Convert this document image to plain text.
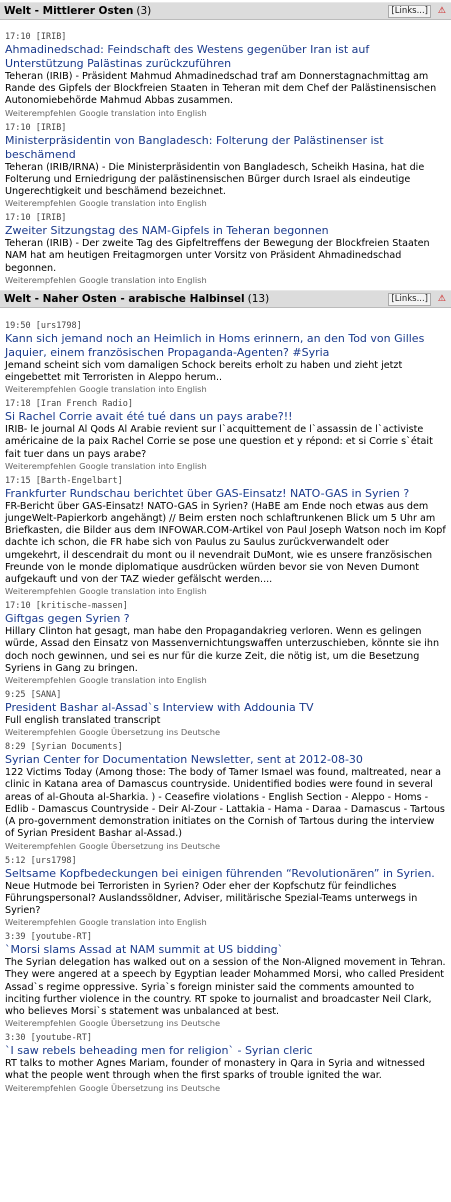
Welt - Mittlerer Osten (3)	[Links...]	⚠
17:10 [IRIB]
Ahmadinedschad: Feindschaft des Westens gegenüber Iran ist auf Unterstützung Palästinas zurückzuführen
Teheran (IRIB) - Präsident Mahmud Ahmadinedschad traf am Donnerstagnachmittag am Rande des Gipfels der Blockfreien Staaten in Teheran mit dem Chef der Palästinensischen Autonomiebehörde Mahmud Abbas zusammen.
Weiterempfehlen Google translation into English
17:10 [IRIB]
Ministerpräsidentin von Bangladesch: Folterung der Palästinenser ist beschämend
Teheran (IRIB/IRNA) - Die Ministerpräsidentin von Bangladesch, Scheikh Hasina, hat die Folterung und Erniedrigung der palästinensischen Bürger durch Israel als eindeutige Ungerechtigkeit und beschämend bezeichnet.
Weiterempfehlen Google translation into English
17:10 [IRIB]
Zweiter Sitzungstag des NAM-Gipfels in Teheran begonnen
Teheran (IRIB) - Der zweite Tag des Gipfeltreffens der Bewegung der Blockfreien Staaten NAM hat am heutigen Freitagmorgen unter Vorsitz von Präsident Ahmadinedschad begonnen.
Weiterempfehlen Google translation into English
Welt - Naher Osten - arabische Halbinsel (13)	[Links...]	⚠
19:50 [urs1798]
Kann sich jemand noch an Heimlich in Homs erinnern, an den Tod von Gilles Jaquier, einem französischen Propaganda-Agenten? #Syria
Jemand scheint sich vom damaligen Schock bereits erholt zu haben und zieht jetzt eingebettet mit Terroristen in Aleppo herum..
Weiterempfehlen Google translation into English
17:18 [Iran French Radio]
Si Rachel Corrie avait été tué dans un pays arabe?!!
IRIB- le journal Al Qods Al Arabie revient sur l`acquittement de l`assassin de l`activiste américaine de la paix Rachel Corrie se pose une question et y répond: et si Corrie s`était fait tuer dans un pays arabe?
Weiterempfehlen Google translation into English
17:15 [Barth-Engelbart]
Frankfurter Rundschau berichtet über GAS-Einsatz! NATO-GAS in Syrien ?
FR-Bericht über GAS-Einsatz! NATO-GAS in Syrien? (HaBE am Ende noch etwas aus dem jungeWelt-Papierkorb angehängt) // Beim ersten noch schlaftrunkenen Blick um 5 Uhr am Briefkasten, die Bilder aus dem INFOWAR.COM-Artikel von Paul Joseph Watson noch im Kopf dachte ich schon, die FR habe sich von Paulus zu Saulus zurückverwandelt oder umgekehrt, il descendrait du mont ou il nevendrait DuMont, wie es unsere französischen Freunde von le monde diplomatique ausdrücken würden bevor sie von Neven Dumont aufgekauft und von der TAZ wieder gefälscht werden....
Weiterempfehlen Google translation into English
17:10 [kritische-massen]
Giftgas gegen Syrien ?
Hillary Clinton hat gesagt, man habe den Propagandakrieg verloren. Wenn es gelingen würde, Assad den Einsatz von Massenvernichtungswaffen unterzuschieben, könnte sie ihn doch noch gewinnen, und sei es nur für die kurze Zeit, die nötig ist, um die Besetzung Syriens in Gang zu bringen.
Weiterempfehlen Google translation into English
9:25 [SANA]
President Bashar al-Assad`s Interview with Addounia TV
Full english translated transcript
Weiterempfehlen Google Übersetzung ins Deutsche
8:29 [Syrian Documents]
Syrian Center for Documentation Newsletter, sent at 2012-08-30
122 Victims Today (Among those: The body of Tamer Ismael was found, maltreated, near a clinic in Katana area of Damascus countryside. Unidentified bodies were found in several areas of al-Ghouta al-Sharkia. ) - Ceasefire violations - English Section - Aleppo - Homs - Edlib - Damascus Countryside - Deir Al-Zour - Lattakia - Hama - Daraa - Damascus - Tartous (A pro-government demonstration initiates on the Cornish of Tartous during the interview of Syrian President Bashar al-Assad.)
Weiterempfehlen Google Übersetzung ins Deutsche
5:12 [urs1798]
Seltsame Kopfbedeckungen bei einigen führenden “Revolutionären” in Syrien.
Neue Hutmode bei Terroristen in Syrien? Oder eher der Kopfschutz für feindliches Führungspersonal? Auslandssöldner, Adviser, militärische Spezial-Teams unterwegs in Syrien?
Weiterempfehlen Google translation into English
3:39 [youtube-RT]
`Morsi slams Assad at NAM summit at US bidding`
The Syrian delegation has walked out on a session of the Non-Aligned movement in Tehran. They were angered at a speech by Egyptian leader Mohammed Morsi, who called President Assad`s regime oppressive. Syria`s foreign minister said the comments amounted to inciting further violence in the country. RT spoke to journalist and broadcaster Neil Clark, who believes Morsi`s statement was unbalanced at best.
Weiterempfehlen Google Übersetzung ins Deutsche
3:30 [youtube-RT]
`I saw rebels beheading men for religion` - Syrian cleric
RT talks to mother Agnes Mariam, founder of monastery in Qara in Syria and witnessed what the people went through when the first sparks of trouble ignited the war.
Weiterempfehlen Google Übersetzung ins Deutsche
